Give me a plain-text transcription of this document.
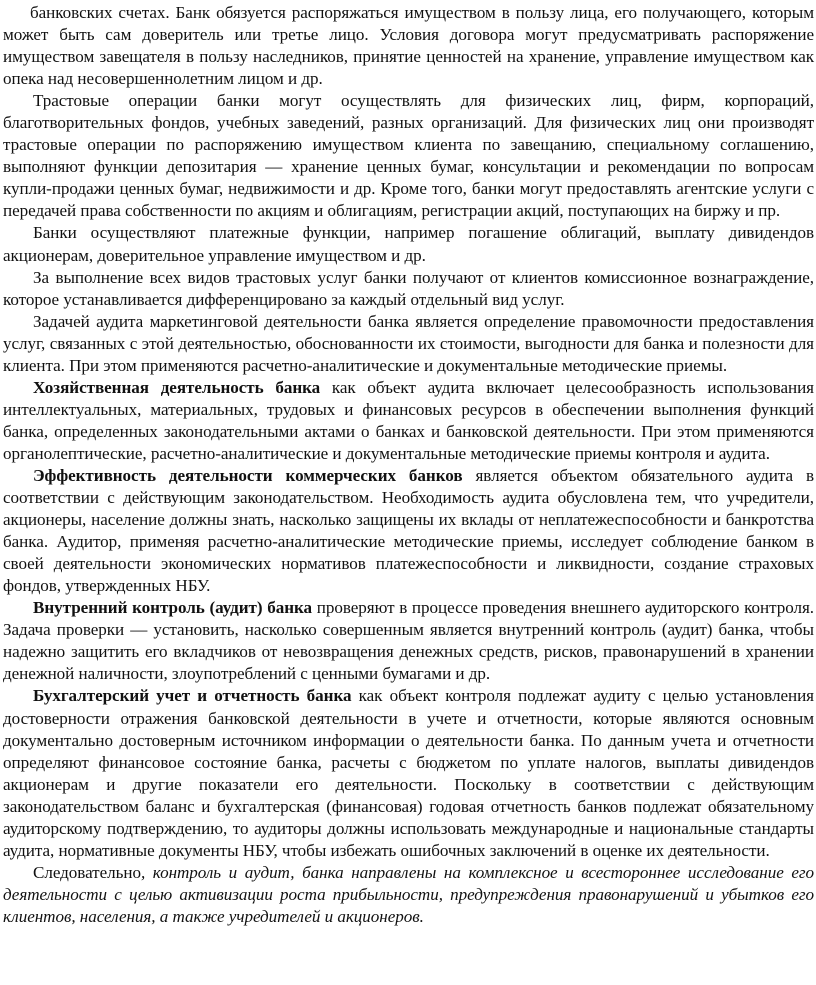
банковских счетах. Банк обязуется распоряжаться имуществом в пользу лица, его получающего, которым может быть сам доверитель или третье лицо. Условия договора могут предусматривать распоряжение имуществом завещателя в пользу наследников, принятие ценностей на хранение, управление имуществом как опека над несовершеннолетним лицом и др.

Трастовые операции банки могут осуществлять для физических лиц, фирм, корпораций, благотворительных фондов, учебных заведений, разных организаций. Для физических лиц они производят трастовые операции по распоряжению имуществом клиента по завещанию, специальному соглашению, выполняют функции депозитария — хранение ценных бумаг, консультации и рекомендации по вопросам купли-продажи ценных бумаг, недвижимости и др. Кроме того, банки могут предоставлять агентские услуги с передачей права собственности по акциям и облигациям, регистрации акций, поступающих на биржу и пр.

Банки осуществляют платежные функции, например погашение облигаций, выплату дивидендов акционерам, доверительное управление имуществом и др.

За выполнение всех видов трастовых услуг банки получают от клиентов комиссионное вознаграждение, которое устанавливается дифференцировано за каждый отдельный вид услуг.

Задачей аудита маркетинговой деятельности банка является определение правомочности предоставления услуг, связанных с этой деятельностью, обоснованности их стоимости, выгодности для банка и полезности для клиента. При этом применяются расчетно-аналитические и документальные методические приемы.

Хозяйственная деятельность банка как объект аудита включает целесообразность использования интеллектуальных, материальных, трудовых и финансовых ресурсов в обеспечении выполнения функций банка, определенных законодательными актами о банках и банковской деятельности. При этом применяются органолептические, расчетно-аналитические и документальные методические приемы контроля и аудита.

Эффективность деятельности коммерческих банков является объектом обязательного аудита в соответствии с действующим законодательством. Необходимость аудита обусловлена тем, что учредители, акционеры, население должны знать, насколько защищены их вклады от неплатежеспособности и банкротства банка. Аудитор, применяя расчетно-аналитические методические приемы, исследует соблюдение банком в своей деятельности экономических нормативов платежеспособности и ликвидности, создание страховых фондов, утвержденных НБУ.

Внутренний контроль (аудит) банка проверяют в процессе проведения внешнего аудиторского контроля. Задача проверки — установить, насколько совершенным является внутренний контроль (аудит) банка, чтобы надежно защитить его вкладчиков от невозвращения денежных средств, рисков, правонарушений в хранении денежной наличности, злоупотреблений с ценными бумагами и др.

Бухгалтерский учет и отчетность банка как объект контроля подлежат аудиту с целью установления достоверности отражения банковской деятельности в учете и отчетности, которые являются основным документально достоверным источником информации о деятельности банка. По данным учета и отчетности определяют финансовое состояние банка, расчеты с бюджетом по уплате налогов, выплаты дивидендов акционерам и другие показатели его деятельности. Поскольку в соответствии с действующим законодательством баланс и бухгалтерская (финансовая) годовая отчетность банков подлежат обязательному аудиторскому подтверждению, то аудиторы должны использовать международные и национальные стандарты аудита, нормативные документы НБУ, чтобы избежать ошибочных заключений в оценке их деятельности.

Следовательно, контроль и аудит, банка направлены на комплексное и всестороннее исследование его деятельности с целью активизации роста прибыльности, предупреждения правонарушений и убытков его клиентов, населения, а также учредителей и акционеров.
